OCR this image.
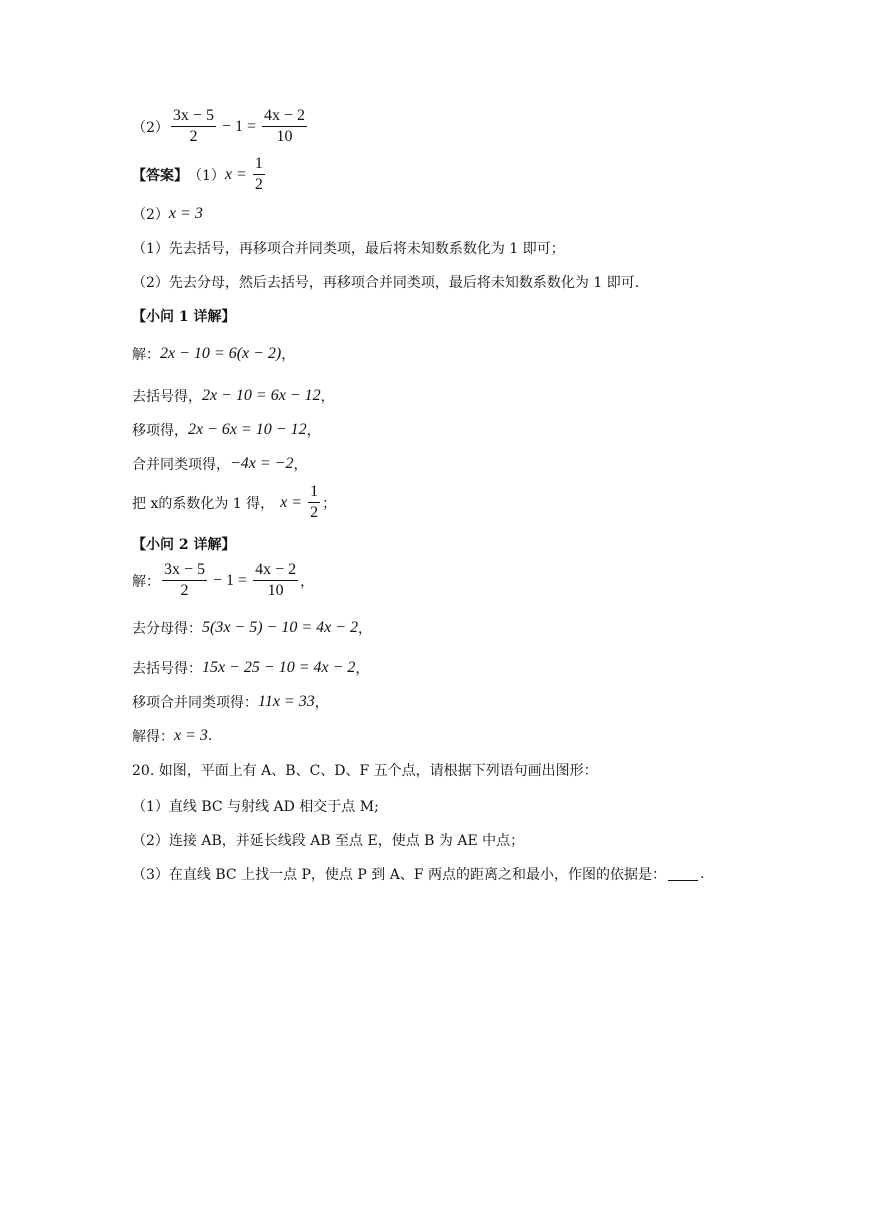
$(2) \frac{3x - 5}{2} - 1 = \frac{4x - 2}{10}$
【答案】 （1） $x = \frac{1}{2}$
（2） x = 3
（1）先去括号，再移项合并同类项，最后将未知数系数化为 1 即可；
（2）先去分母，然后去括号，再移项合并同类项，最后将未知数系数化为 1 即可.
【小问 1 详解】
解： 2x − 10 = 6(x − 2) ，
去括号得， 2x − 10 = 6x − 12 ，
移项得， 2x − 6x = 10 − 12 ，
合并同类项得， −4x = −2 ，
把 x的系数化为 1 得， $x = \frac{1}{2}$ ；
【小问 2 详解】
解： $\frac{3x - 5}{2} - 1 = \frac{4x - 2}{10}$ ，
去分母得： 5(3x − 5) − 10 = 4x − 2 ，
去括号得： 15x − 25 − 10 = 4x − 2 ，
移项合并同类项得： 11x = 33 ，
解得： x = 3 .
20. 如图，平面上有 A、B、C、D、F 五个点，请根据下列语句画出图形：
（1）直线 BC 与射线 AD 相交于点 M;
（2）连接 AB，并延长线段 AB 至点 E，使点 B 为 AE 中点；
（3）在直线 BC 上找一点 P，使点 P 到 A、F 两点的距离之和最小，作图的依据是： .
